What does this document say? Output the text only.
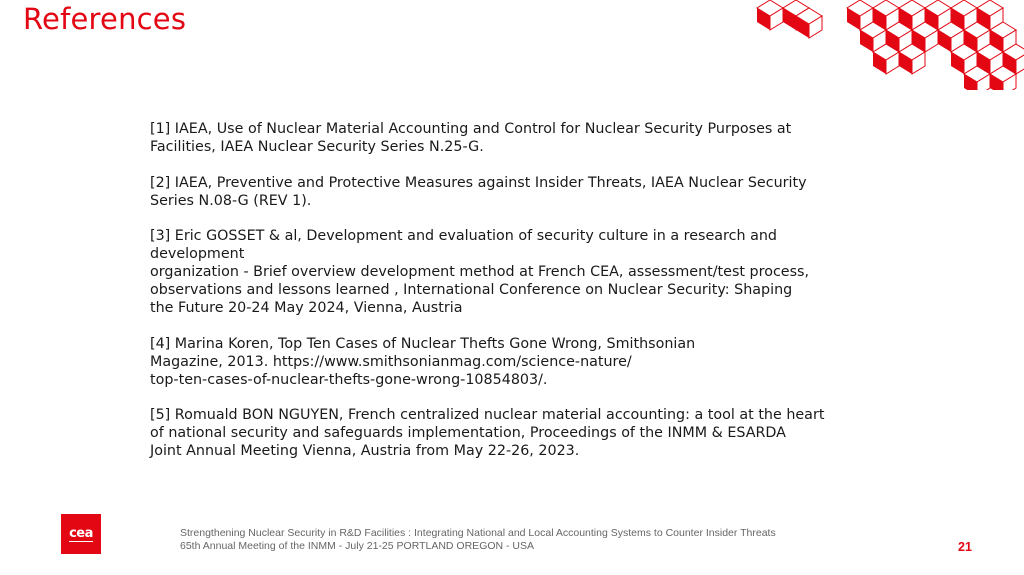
References

[1] IAEA, Use of Nuclear Material Accounting and Control for Nuclear Security Purposes at
Facilities, IAEA Nuclear Security Series N.25-G.

[2] IAEA, Preventive and Protective Measures against Insider Threats, IAEA Nuclear Security
Series N.08-G (REV 1).

[3] Eric GOSSET & al, Development and evaluation of security culture in a research and
development
organization - Brief overview development method at French CEA, assessment/test process,
observations and lessons learned , International Conference on Nuclear Security: Shaping
the Future 20-24 May 2024, Vienna, Austria

[4] Marina Koren, Top Ten Cases of Nuclear Thefts Gone Wrong, Smithsonian
Magazine, 2013. https://www.smithsonianmag.com/science-nature/
top-ten-cases-of-nuclear-thefts-gone-wrong-10854803/.

[5] Romuald BON NGUYEN, French centralized nuclear material accounting: a tool at the heart
of national security and safeguards implementation, Proceedings of the INMM & ESARDA
Joint Annual Meeting Vienna, Austria from May 22-26, 2023.

cea	Strengthening Nuclear Security in R&D Facilities : Integrating National and Local Accounting Systems to Counter Insider Threats
65th Annual Meeting of the INMM - July 21-25 PORTLAND OREGON - USA	21
